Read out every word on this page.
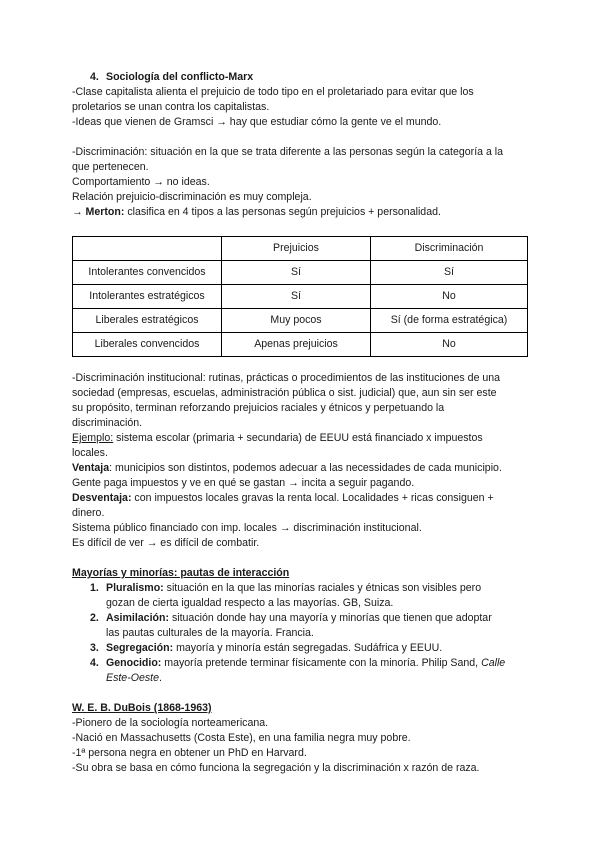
4. Sociología del conflicto-Marx

-Clase capitalista alienta el prejuicio de todo tipo en el proletariado para evitar que los

proletarios se unan contra los capitalistas.

-Ideas que vienen de Gramsci → hay que estudiar cómo la gente ve el mundo.

-Discriminación: situación en la que se trata diferente a las personas según la categoría a la

que pertenecen.

Comportamiento → no ideas.

Relación prejuicio-discriminación es muy compleja.

→ Merton: clasifica en 4 tipos a las personas según prejuicios + personalidad.

	Prejuicios	Discriminación
Intolerantes convencidos	Sí	Sí
Intolerantes estratégicos	Sí	No
Liberales estratégicos	Muy pocos	Sí (de forma estratégica)
Liberales convencidos	Apenas prejuicios	No

-Discriminación institucional: rutinas, prácticas o procedimientos de las instituciones de una

sociedad (empresas, escuelas, administración pública o sist. judicial) que, aun sin ser este

su propósito, terminan reforzando prejuicios raciales y étnicos y perpetuando la

discriminación.

Ejemplo: sistema escolar (primaria + secundaria) de EEUU está financiado x impuestos

locales.

Ventaja: municipios son distintos, podemos adecuar a las necessidades de cada municipio.

Gente paga impuestos y ve en qué se gastan → incita a seguir pagando.

Desventaja: con impuestos locales gravas la renta local. Localidades + ricas consiguen +

dinero.

Sistema público financiado con imp. locales → discriminación institucional.

Es difícil de ver → es difícil de combatir.

Mayorías y minorías: pautas de interacción

1. Pluralismo: situación en la que las minorías raciales y étnicas son visibles pero
gozan de cierta igualdad respecto a las mayorías. GB, Suiza.
2. Asimilación: situación donde hay una mayoría y minorías que tienen que adoptar
las pautas culturales de la mayoría. Francia.
3. Segregación: mayoría y minoría están segregadas. Sudáfrica y EEUU.
4. Genocidio: mayoría pretende terminar físicamente con la minoría. Philip Sand, Calle
Este-Oeste.

W. E. B. DuBois (1868-1963)

-Pionero de la sociología norteamericana.

-Nació en Massachusetts (Costa Este), en una familia negra muy pobre.

-1ª persona negra en obtener un PhD en Harvard.

-Su obra se basa en cómo funciona la segregación y la discriminación x razón de raza.
